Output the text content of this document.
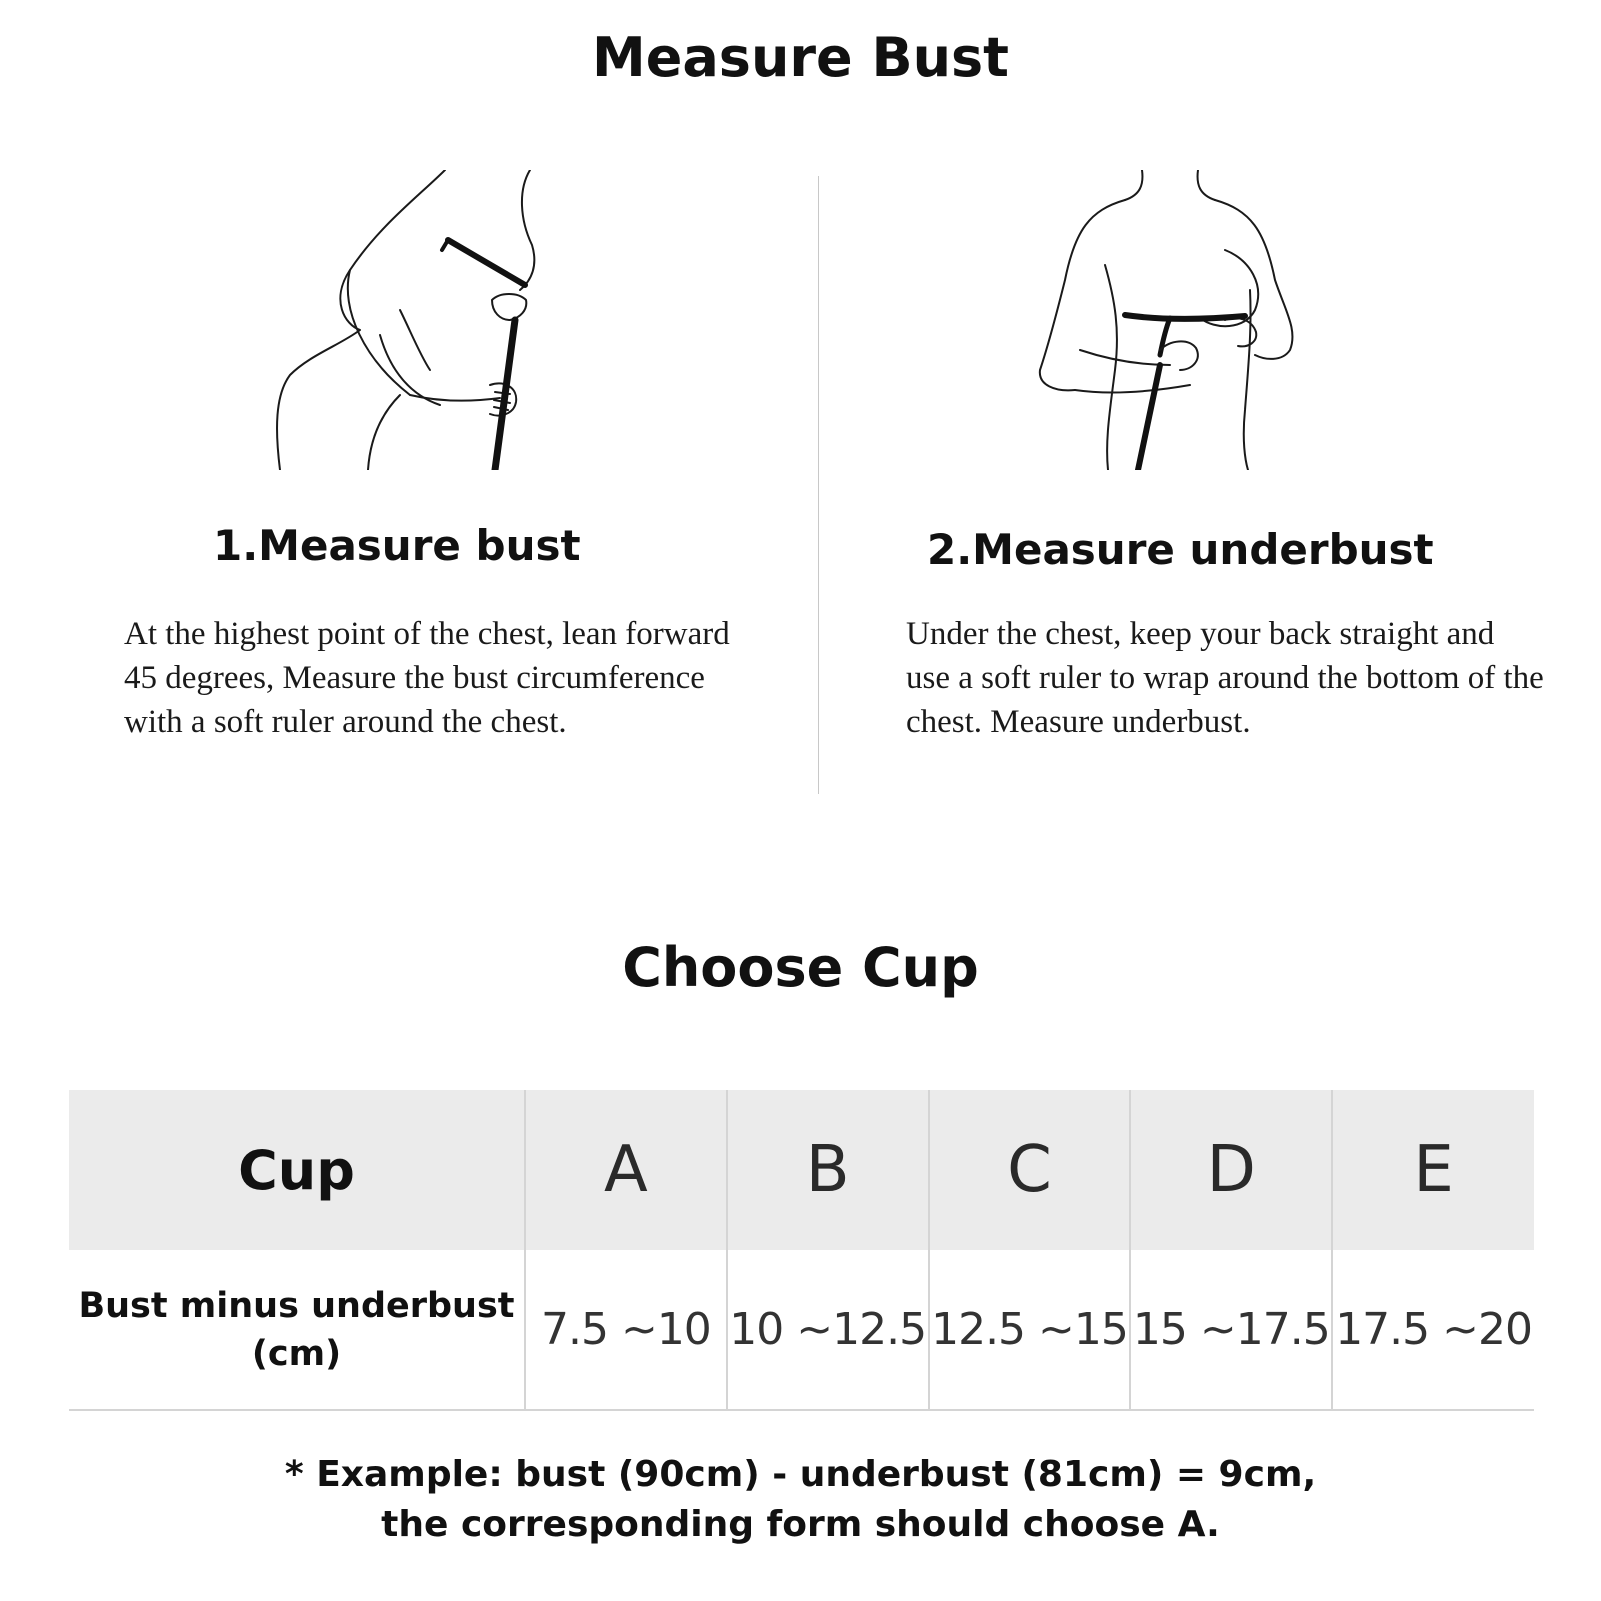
Measure Bust
1.Measure bust

At the highest point of the chest, lean forward 45 degrees, Measure the bust circumference with a soft ruler around the chest.

2.Measure underbust

Under the chest, keep your back straight and use a soft ruler to wrap around the bottom of the chest. Measure underbust.

Choose Cup
Cup	A	B	C	D	E
Bust minus underbust (cm)	7.5 ~10	10 ~12.5	12.5 ~15	15 ~17.5	17.5 ~20

* Example: bust (90cm) - underbust (81cm) = 9cm,
the corresponding form should choose A.
